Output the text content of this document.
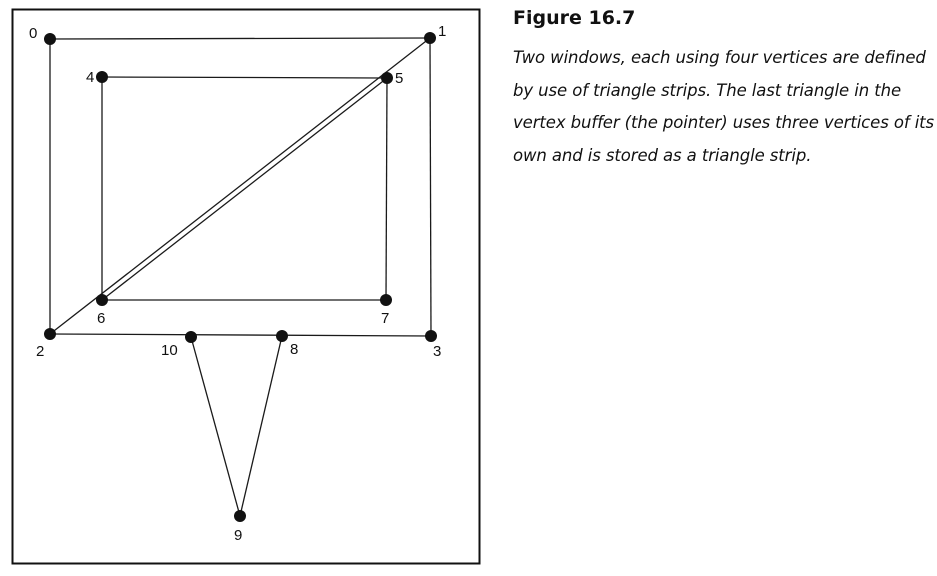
0	1
2	3
4	5
6	7
8
9
10

Figure 16.7

Two windows, each using four vertices are defined by use of triangle strips. The last triangle in the vertex buffer (the pointer) uses three vertices of its own and is stored as a triangle strip.
